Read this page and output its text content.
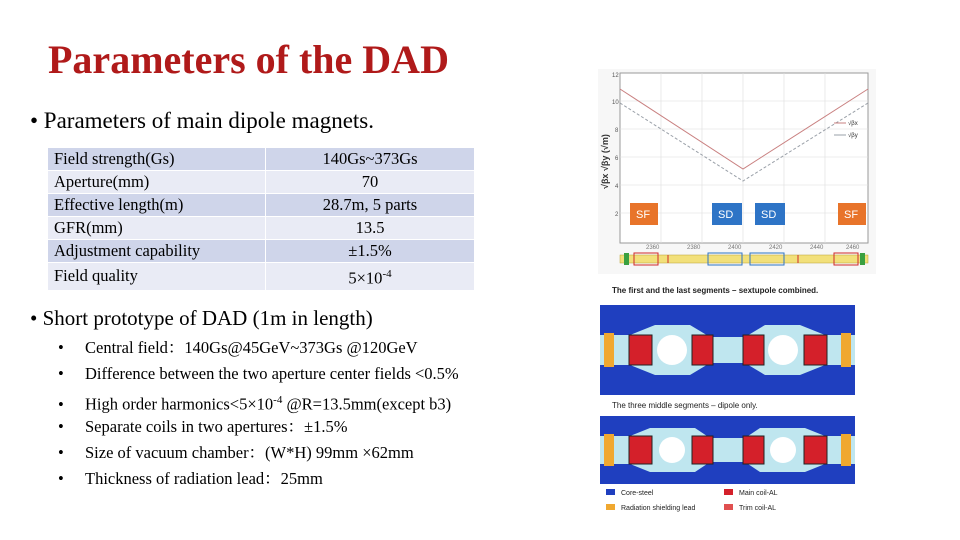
Parameters of the DAD
• Parameters of main dipole magnets.
Field strength(Gs)	140Gs~373Gs
Aperture(mm)	70
Effective length(m)	28.7m, 5 parts
GFR(mm)	13.5
Adjustment capability	±1.5%
Field quality	$5\times 10^{-4}$
• Short prototype of DAD (1m in length)
• Central field：140Gs@45GeV~373Gs @120GeV
• Difference between the two aperture center fields <0.5%
• High order $harmonics<5\times 10^{-4}$ @R=13.5mm(except b3)
• Separate coils in two apertures：±1.5%
• Size of vacuum chamber：(W*H) 99mm ×62mm
• Thickness of radiation lead：25mm
12
10
8
6
4
2
√βx √βy (√m)
√βx
√βy
SF	SD	SD	SF
2360	2380	2400	2420	2440	2460
The first and the last segments – sextupole combined.
The three middle segments – dipole only.
Core-steel	Main coil-AL
Radiation shielding lead	Trim coil-AL
